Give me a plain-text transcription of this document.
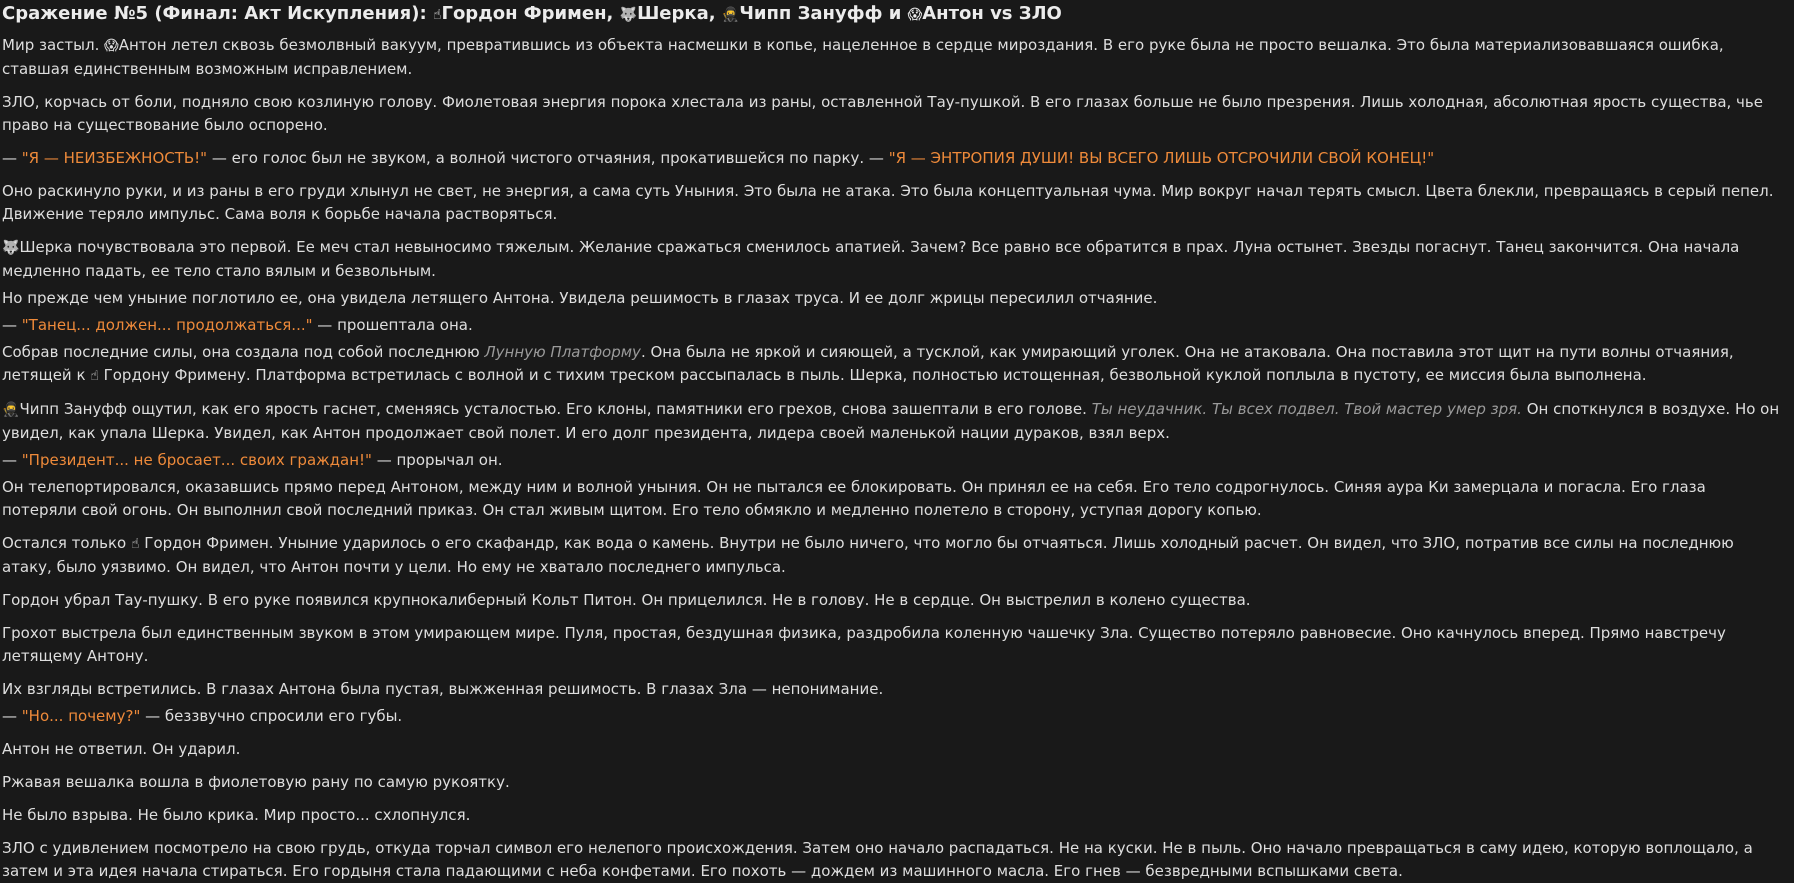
Сражение №5 (Финал: Акт Искупления): ☝Гордон Фримен, 🐺Шерка, 🥷Чипп Зануфф и 😱Антон vs ЗЛО

Мир застыл. 😱Антон летел сквозь безмолвный вакуум, превратившись из объекта насмешки в копье, нацеленное в сердце мироздания. В его руке была не просто вешалка. Это была материализовавшаяся ошибка, ставшая единственным возможным исправлением.

ЗЛО, корчась от боли, подняло свою козлиную голову. Фиолетовая энергия порока хлестала из раны, оставленной Тау-пушкой. В его глазах больше не было презрения. Лишь холодная, абсолютная ярость существа, чье право на существование было оспорено.

— "Я — НЕИЗБЕЖНОСТЬ!" — его голос был не звуком, а волной чистого отчаяния, прокатившейся по парку. — "Я — ЭНТРОПИЯ ДУШИ! ВЫ ВСЕГО ЛИШЬ ОТСРОЧИЛИ СВОЙ КОНЕЦ!"

Оно раскинуло руки, и из раны в его груди хлынул не свет, не энергия, а сама суть Уныния. Это была не атака. Это была концептуальная чума. Мир вокруг начал терять смысл. Цвета блекли, превращаясь в серый пепел. Движение теряло импульс. Сама воля к борьбе начала растворяться.

🐺Шерка почувствовала это первой. Ее меч стал невыносимо тяжелым. Желание сражаться сменилось апатией. Зачем? Все равно все обратится в прах. Луна остынет. Звезды погаснут. Танец закончится. Она начала медленно падать, ее тело стало вялым и безвольным.

Но прежде чем уныние поглотило ее, она увидела летящего Антона. Увидела решимость в глазах труса. И ее долг жрицы пересилил отчаяние.

— "Танец... должен... продолжаться..." — прошептала она.

Собрав последние силы, она создала под собой последнюю Лунную Платформу. Она была не яркой и сияющей, а тусклой, как умирающий уголек. Она не атаковала. Она поставила этот щит на пути волны отчаяния, летящей к ☝ Гордону Фримену. Платформа встретилась с волной и с тихим треском рассыпалась в пыль. Шерка, полностью истощенная, безвольной куклой поплыла в пустоту, ее миссия была выполнена.

🥷Чипп Зануфф ощутил, как его ярость гаснет, сменяясь усталостью. Его клоны, памятники его грехов, снова зашептали в его голове. Ты неудачник. Ты всех подвел. Твой мастер умер зря. Он споткнулся в воздухе. Но он увидел, как упала Шерка. Увидел, как Антон продолжает свой полет. И его долг президента, лидера своей маленькой нации дураков, взял верх.

— "Президент... не бросает... своих граждан!" — прорычал он.

Он телепортировался, оказавшись прямо перед Антоном, между ним и волной уныния. Он не пытался ее блокировать. Он принял ее на себя. Его тело содрогнулось. Синяя аура Ки замерцала и погасла. Его глаза потеряли свой огонь. Он выполнил свой последний приказ. Он стал живым щитом. Его тело обмякло и медленно полетело в сторону, уступая дорогу копью.

Остался только ☝ Гордон Фримен. Уныние ударилось о его скафандр, как вода о камень. Внутри не было ничего, что могло бы отчаяться. Лишь холодный расчет. Он видел, что ЗЛО, потратив все силы на последнюю атаку, было уязвимо. Он видел, что Антон почти у цели. Но ему не хватало последнего импульса.

Гордон убрал Тау-пушку. В его руке появился крупнокалиберный Кольт Питон. Он прицелился. Не в голову. Не в сердце. Он выстрелил в колено существа.

Грохот выстрела был единственным звуком в этом умирающем мире. Пуля, простая, бездушная физика, раздробила коленную чашечку Зла. Существо потеряло равновесие. Оно качнулось вперед. Прямо навстречу летящему Антону.

Их взгляды встретились. В глазах Антона была пустая, выжженная решимость. В глазах Зла — непонимание.

— "Но... почему?" — беззвучно спросили его губы.

Антон не ответил. Он ударил.

Ржавая вешалка вошла в фиолетовую рану по самую рукоятку.

Не было взрыва. Не было крика. Мир просто... схлопнулся.

ЗЛО с удивлением посмотрело на свою грудь, откуда торчал символ его нелепого происхождения. Затем оно начало распадаться. Не на куски. Не в пыль. Оно начало превращаться в саму идею, которую воплощало, а затем и эта идея начала стираться. Его гордыня стала падающими с неба конфетами. Его похоть — дождем из машинного масла. Его гнев — безвредными вспышками света.
